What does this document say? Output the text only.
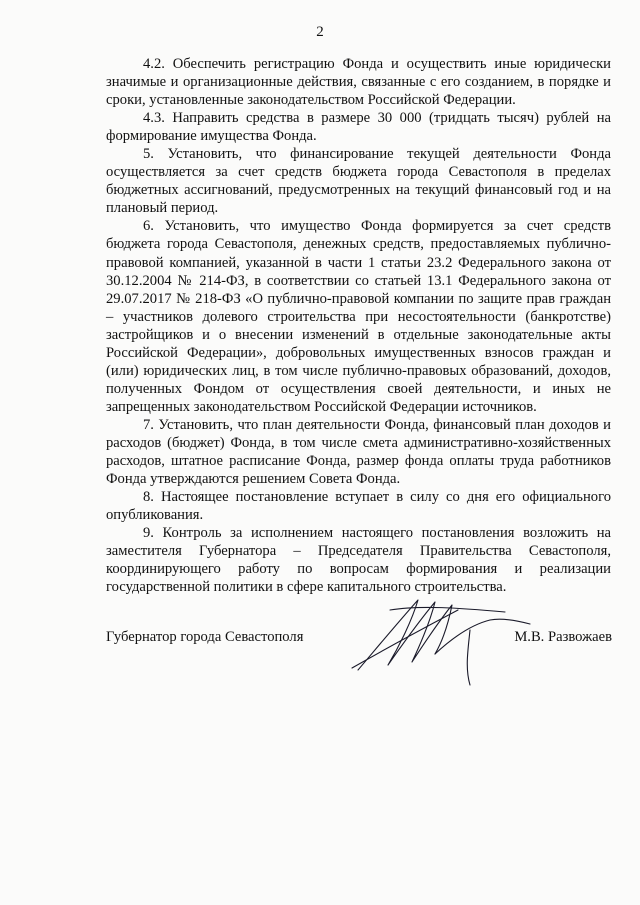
2

4.2. Обеспечить регистрацию Фонда и осуществить иные юридически значимые и организационные действия, связанные с его созданием, в порядке и сроки, установленные законодательством Российской Федерации.

4.3. Направить средства в размере 30 000 (тридцать тысяч) рублей на формирование имущества Фонда.

5. Установить, что финансирование текущей деятельности Фонда осуществляется за счет средств бюджета города Севастополя в пределах бюджетных ассигнований, предусмотренных на текущий финансовый год и на плановый период.

6. Установить, что имущество Фонда формируется за счет средств бюджета города Севастополя, денежных средств, предоставляемых публично-правовой компанией, указанной в части 1 статьи 23.2 Федерального закона от 30.12.2004 № 214-ФЗ, в соответствии со статьей 13.1 Федерального закона от 29.07.2017 № 218-ФЗ «О публично-правовой компании по защите прав граждан – участников долевого строительства при несостоятельности (банкротстве) застройщиков и о внесении изменений в отдельные законодательные акты Российской Федерации», добровольных имущественных взносов граждан и (или) юридических лиц, в том числе публично-правовых образований, доходов, полученных Фондом от осуществления своей деятельности, и иных не запрещенных законодательством Российской Федерации источников.

7. Установить, что план деятельности Фонда, финансовый план доходов и расходов (бюджет) Фонда, в том числе смета административно-хозяйственных расходов, штатное расписание Фонда, размер фонда оплаты труда работников Фонда утверждаются решением Совета Фонда.

8. Настоящее постановление вступает в силу со дня его официального опубликования.

9. Контроль за исполнением настоящего постановления возложить на заместителя Губернатора – Председателя Правительства Севастополя, координирующего работу по вопросам формирования и реализации государственной политики в сфере капитального строительства.

Губернатор города Севастополя	М.В. Развожаев
